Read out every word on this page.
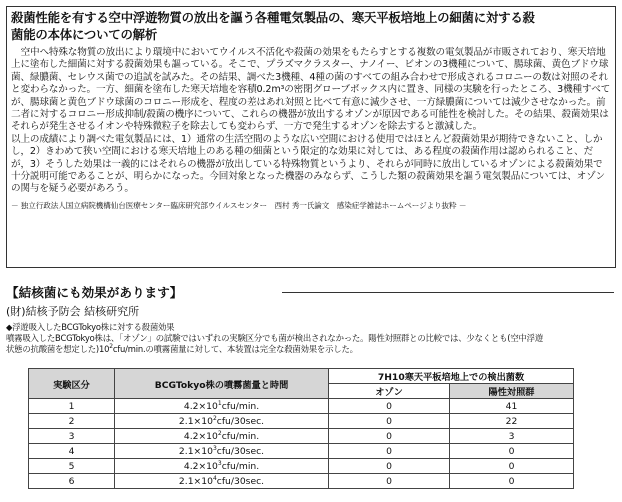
殺菌性能を有する空中浮遊物質の放出を謳う各種電気製品の、寒天平板培地上の細菌に対する殺
菌能の本体についての解析

空中へ特殊な物質の放出により環境中においてウイルス不活化や殺菌の効果をもたらすとする複数の電気製品が市販されており、寒天培地上に塗布した細菌に対する殺菌効果も謳っている。そこで、プラズマクラスター、ナノイー、ビオンの3機種について、腸球菌、黄色ブドウ球菌、緑膿菌、セレウス菌での追試を試みた。その結果、調べた3機種、4種の菌のすべての組み合わせで形成されるコロニーの数は対照のそれと変わらなかった。一方、細菌を塗布した寒天培地を容積0.2m³の密閉グローブボックス内に置き、同様の実験を行ったところ、3機種すべてが、腸球菌と黄色ブドウ球菌のコロニー形成を、程度の差はあれ対照と比べて有意に減少させ、一方緑膿菌については減少させなかった。前二者に対するコロニー形成抑制/殺菌の機序について、これらの機器が放出するオゾンが原因である可能性を検討した。その結果、殺菌効果はそれらが発生させるイオンや特殊微粒子を除去しても変わらず、一方で発生するオゾンを除去すると激減した。

以上の成績により調べた電気製品には、1）通常の生活空間のような広い空間における使用ではほとんど殺菌効果が期待できないこと、しかし，2）きわめて狭い空間における寒天培地上のある種の細菌という限定的な効果に対しては、ある程度の殺菌作用は認められること、だが，3）そうした効果は一義的にはそれらの機器が放出している特殊物質というより、それらが同時に放出しているオゾンによる殺菌効果で十分説明可能であることが、明らかになった。今回対象となった機器のみならず、こうした類の殺菌効果を謳う電気製品については、オゾンの関与を疑う必要があろう。

－ 独立行政法人国立病院機構仙台医療センター臨床研究部ウイルスセンター　西村 秀一氏論文　感染症学雑誌ホームページより抜粋 －
【結核菌にも効果があります】
(財)結核予防会 結核研究所
◆浮遊吸入したBCGTokyo株に対する殺菌効果
噴霧吸入したBCGTokyo株は、「オゾン」の試験ではいずれの実験区分でも菌が検出されなかった。陽性対照群との比較では、少なくとも(空中浮遊
状態の抗酸菌を想定した)$10^2cfu/\min$.の噴霧菌量に対して、本装置は完全な殺菌効果を示した。
実験区分	BCGTokyo株の噴霧菌量と時間	7H10寒天平板培地上での検出菌数	
		オゾン	陽性対照群
1	$4.2\times 10^1cfu/\min$.	0	41
2	$2.1\times 10^2cfu/30\sec$.	0	22
3	$4.2\times 10^2cfu/\min$.	0	3
4	$2.1\times 10^3cfu/30\sec$.	0	0
5	$4.2\times 10^3cfu/\min$.	0	0
6	$2.1\times 10^4cfu/30\sec$.	0	0
